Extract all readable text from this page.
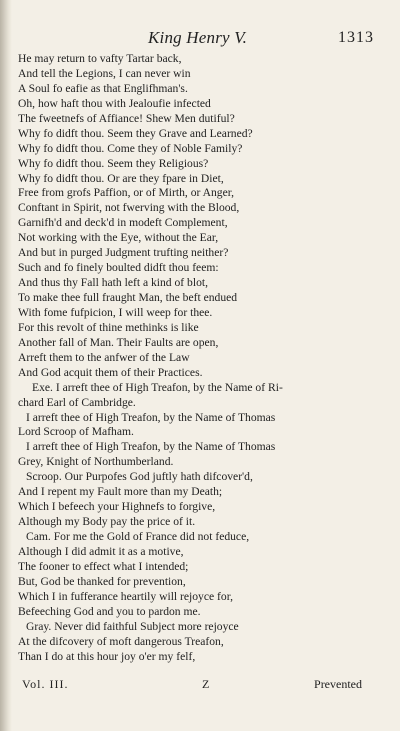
King Henry V.	1313
He may return to vafty Tartar back,
And tell the Legions, I can never win
A Soul fo eafie as that Englifhman's.
Oh, how haft thou with Jealoufie infected
The fweetnefs of Affiance! Shew Men dutiful?
Why fo didft thou. Seem they Grave and Learned?
Why fo didft thou. Come they of Noble Family?
Why fo didft thou. Seem they Religious?
Why fo didft thou. Or are they fpare in Diet,
Free from grofs Paffion, or of Mirth, or Anger,
Conftant in Spirit, not fwerving with the Blood,
Garnifh'd and deck'd in modeft Complement,
Not working with the Eye, without the Ear,
And but in purged Judgment trufting neither?
Such and fo finely boulted didft thou feem:
And thus thy Fall hath left a kind of blot,
To make thee full fraught Man, the beft endued
With fome fufpicion, I will weep for thee.
For this revolt of thine methinks is like
Another fall of Man. Their Faults are open,
Arreft them to the anfwer of the Law
And God acquit them of their Practices.
Exe. I arreft thee of High Treafon, by the Name of Ri-
chard Earl of Cambridge.
I arreft thee of High Treafon, by the Name of Thomas
Lord Scroop of Mafham.
I arreft thee of High Treafon, by the Name of Thomas
Grey, Knight of Northumberland.
Scroop. Our Purpofes God juftly hath difcover'd,
And I repent my Fault more than my Death;
Which I befeech your Highnefs to forgive,
Although my Body pay the price of it.
Cam. For me the Gold of France did not feduce,
Although I did admit it as a motive,
The fooner to effect what I intended;
But, God be thanked for prevention,
Which I in fufferance heartily will rejoyce for,
Befeeching God and you to pardon me.
Gray. Never did faithful Subject more rejoyce
At the difcovery of moft dangerous Treafon,
Than I do at this hour joy o'er my felf,
Vol. III.	Z	Prevented
